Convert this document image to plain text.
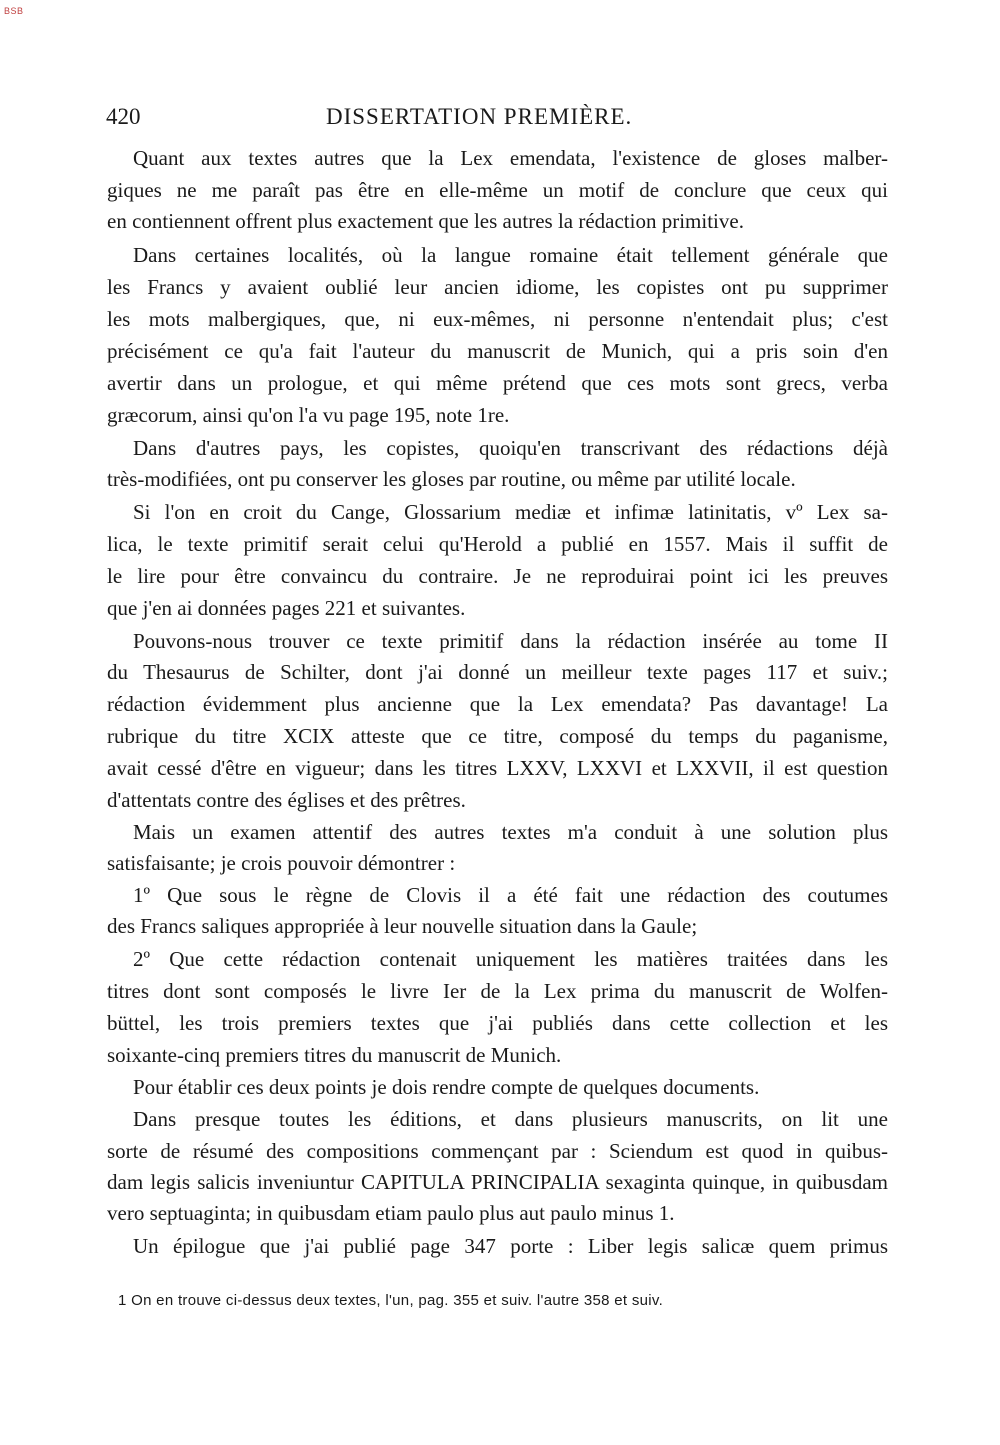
BSB
420	DISSERTATION PREMIÈRE.
Quant aux textes autres que la Lex emendata, l'existence de gloses malber-
giques ne me paraît pas être en elle-même un motif de conclure que ceux qui
en contiennent offrent plus exactement que les autres la rédaction primitive.
Dans certaines localités, où la langue romaine était tellement générale que
les Francs y avaient oublié leur ancien idiome, les copistes ont pu supprimer
les mots malbergiques, que, ni eux-mêmes, ni personne n'entendait plus; c'est
précisément ce qu'a fait l'auteur du manuscrit de Munich, qui a pris soin d'en
avertir dans un prologue, et qui même prétend que ces mots sont grecs, verba
græcorum, ainsi qu'on l'a vu page 195, note 1re.
Dans d'autres pays, les copistes, quoiqu'en transcrivant des rédactions déjà
très-modifiées, ont pu conserver les gloses par routine, ou même par utilité locale.
Si l'on en croit du Cange, Glossarium mediæ et infimæ latinitatis, vº Lex sa-
lica, le texte primitif serait celui qu'Herold a publié en 1557. Mais il suffit de
le lire pour être convaincu du contraire. Je ne reproduirai point ici les preuves
que j'en ai données pages 221 et suivantes.
Pouvons-nous trouver ce texte primitif dans la rédaction insérée au tome II
du Thesaurus de Schilter, dont j'ai donné un meilleur texte pages 117 et suiv.;
rédaction évidemment plus ancienne que la Lex emendata? Pas davantage! La
rubrique du titre XCIX atteste que ce titre, composé du temps du paganisme,
avait cessé d'être en vigueur; dans les titres LXXV, LXXVI et LXXVII, il est question
d'attentats contre des églises et des prêtres.
Mais un examen attentif des autres textes m'a conduit à une solution plus
satisfaisante; je crois pouvoir démontrer :
1º Que sous le règne de Clovis il a été fait une rédaction des coutumes
des Francs saliques appropriée à leur nouvelle situation dans la Gaule;
2º Que cette rédaction contenait uniquement les matières traitées dans les
titres dont sont composés le livre Ier de la Lex prima du manuscrit de Wolfen-
büttel, les trois premiers textes que j'ai publiés dans cette collection et les
soixante-cinq premiers titres du manuscrit de Munich.
Pour établir ces deux points je dois rendre compte de quelques documents.
Dans presque toutes les éditions, et dans plusieurs manuscrits, on lit une
sorte de résumé des compositions commençant par : Sciendum est quod in quibus-
dam legis salicis inveniuntur CAPITULA PRINCIPALIA sexaginta quinque, in quibusdam
vero septuaginta; in quibusdam etiam paulo plus aut paulo minus 1.
Un épilogue que j'ai publié page 347 porte : Liber legis salicæ quem primus
1 On en trouve ci-dessus deux textes, l'un, pag. 355 et suiv. l'autre 358 et suiv.
